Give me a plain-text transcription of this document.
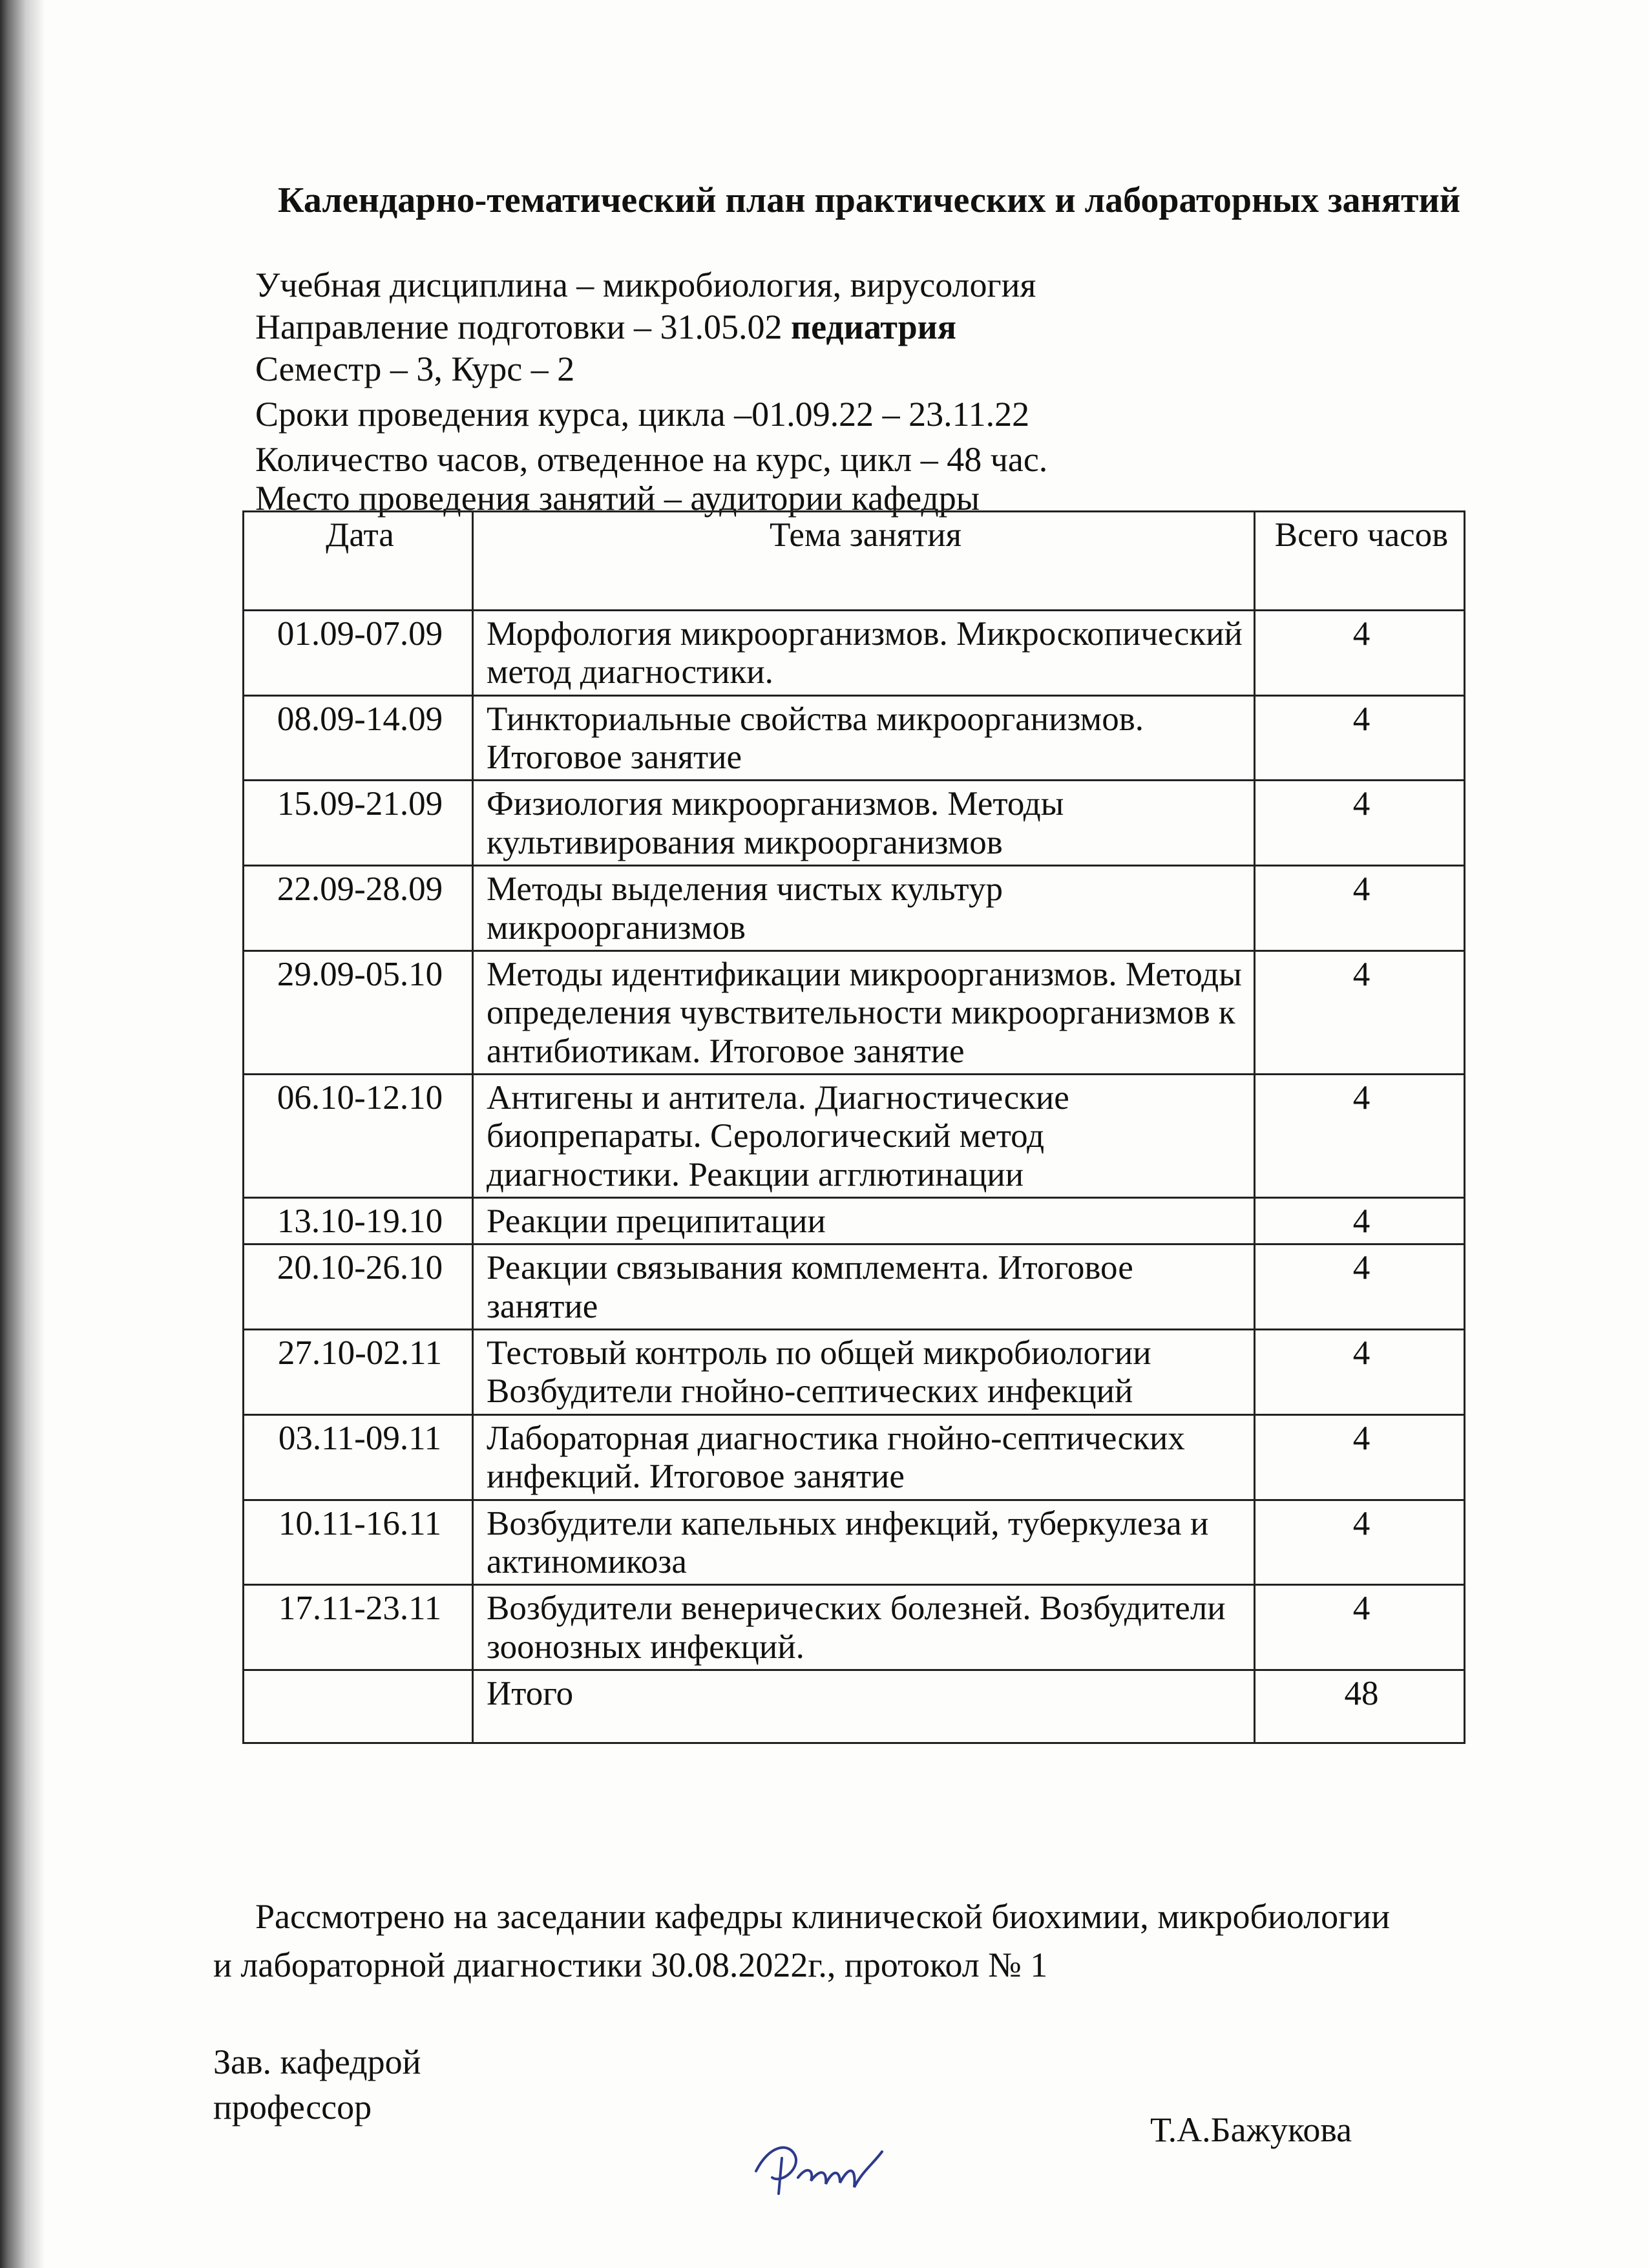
Календарно-тематический план практических и лабораторных занятий
Учебная дисциплина – микробиология, вирусология
Направление подготовки – 31.05.02 педиатрия
Семестр – 3, Курс – 2
Сроки проведения курса, цикла –01.09.22 – 23.11.22
Количество часов, отведенное на курс, цикл – 48 час.
Место проведения занятий – аудитории кафедры
Дата	Тема занятия	Всего часов
01.09-07.09	Морфология микроорганизмов. Микроскопический метод диагностики.	4
08.09-14.09	Тинкториальные свойства микроорганизмов. Итоговое занятие	4
15.09-21.09	Физиология микроорганизмов. Методы культивирования микроорганизмов	4
22.09-28.09	Методы выделения чистых культур микроорганизмов	4
29.09-05.10	Методы идентификации микроорганизмов. Методы определения чувствительности микроорганизмов к антибиотикам. Итоговое занятие	4
06.10-12.10	Антигены и антитела. Диагностические биопрепараты. Серологический метод диагностики. Реакции агглютинации	4
13.10-19.10	Реакции преципитации	4
20.10-26.10	Реакции связывания комплемента. Итоговое занятие	4
27.10-02.11	Тестовый контроль по общей микробиологии Возбудители гнойно-септических инфекций	4
03.11-09.11	Лабораторная диагностика гнойно-септических инфекций. Итоговое занятие	4
10.11-16.11	Возбудители капельных инфекций, туберкулеза и актиномикоза	4
17.11-23.11	Возбудители венерических болезней. Возбудители зоонозных инфекций.	4
	Итого	48
Рассмотрено на заседании кафедры клинической биохимии, микробиологии
и лабораторной диагностики 30.08.2022г., протокол № 1
Зав. кафедрой
профессор
Т.А.Бажукова
